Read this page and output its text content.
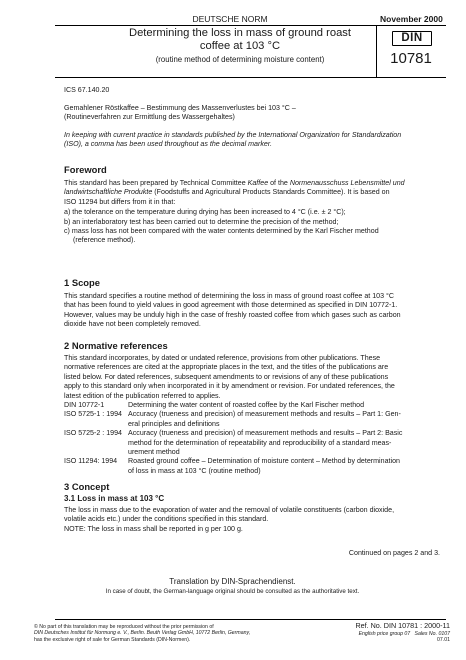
DEUTSCHE NORM	November 2000
Determining the loss in mass of ground roast
coffee at 103 °C
(routine method of determining moisture content)
DIN
10781
ICS 67.140.20
Gemahlener Röstkaffee – Bestimmung des Massenverlustes bei 103 °C –
(Routineverfahren zur Ermittlung des Wassergehaltes)
In keeping with current practice in standards published by the International Organization for Standardization
(ISO), a comma has been used throughout as the decimal marker.
Foreword
This standard has been prepared by Technical Committee Kaffee of the Normenausschuss Lebensmittel und
landwirtschaftliche Produkte (Foodstuffs and Agricultural Products Standards Committee). It is based on
ISO 11294 but differs from it in that:
a) the tolerance on the temperature during drying has been increased to 4 °C (i.e. ± 2 °C);
b) an interlaboratory test has been carried out to determine the precision of the method;
c) mass loss has not been compared with the water contents determined by the Karl Fischer method
(reference method).
1 Scope
This standard specifies a routine method of determining the loss in mass of ground roast coffee at 103 °C
that has been found to yield values in good agreement with those determined as specified in DIN 10772-1.
However, values may be unduly high in the case of freshly roasted coffee from which gases such as carbon
dioxide have not been completely removed.
2 Normative references
This standard incorporates, by dated or undated reference, provisions from other publications. These
normative references are cited at the appropriate places in the text, and the titles of the publications are
listed below. For dated references, subsequent amendments to or revisions of any of these publications
apply to this standard only when incorporated in it by amendment or revision. For undated references, the
latest edition of the publication referred to applies.
DIN 10772-1	Determining the water content of roasted coffee by the Karl Fischer method
ISO 5725-1 : 1994 Accuracy (trueness and precision) of measurement methods and results – Part 1: Gen-
eral principles and definitions
ISO 5725-2 : 1994 Accuracy (trueness and precision) of measurement methods and results – Part 2: Basic
method for the determination of repeatability and reproducibility of a standard meas-
urement method
ISO 11294: 1994	Roasted ground coffee – Determination of moisture content – Method by determination
of loss in mass at 103 °C (routine method)
3 Concept
3.1 Loss in mass at 103 °C
The loss in mass due to the evaporation of water and the removal of volatile constituents (carbon dioxide,
volatile acids etc.) under the conditions specified in this standard.
NOTE: The loss in mass shall be reported in g per 100 g.
Continued on pages 2 and 3.
Translation by DIN-Sprachendienst.
In case of doubt, the German-language original should be consulted as the authoritative text.
© No part of this translation may be reproduced without the prior permission of
DIN Deutsches Institut für Normung e. V., Berlin. Beuth Verlag GmbH, 10772 Berlin, Germany,
has the exclusive right of sale for German Standards (DIN-Normen).
Ref. No. DIN 10781 : 2000-11
English price group 07 Sales No. 0107
07.01
